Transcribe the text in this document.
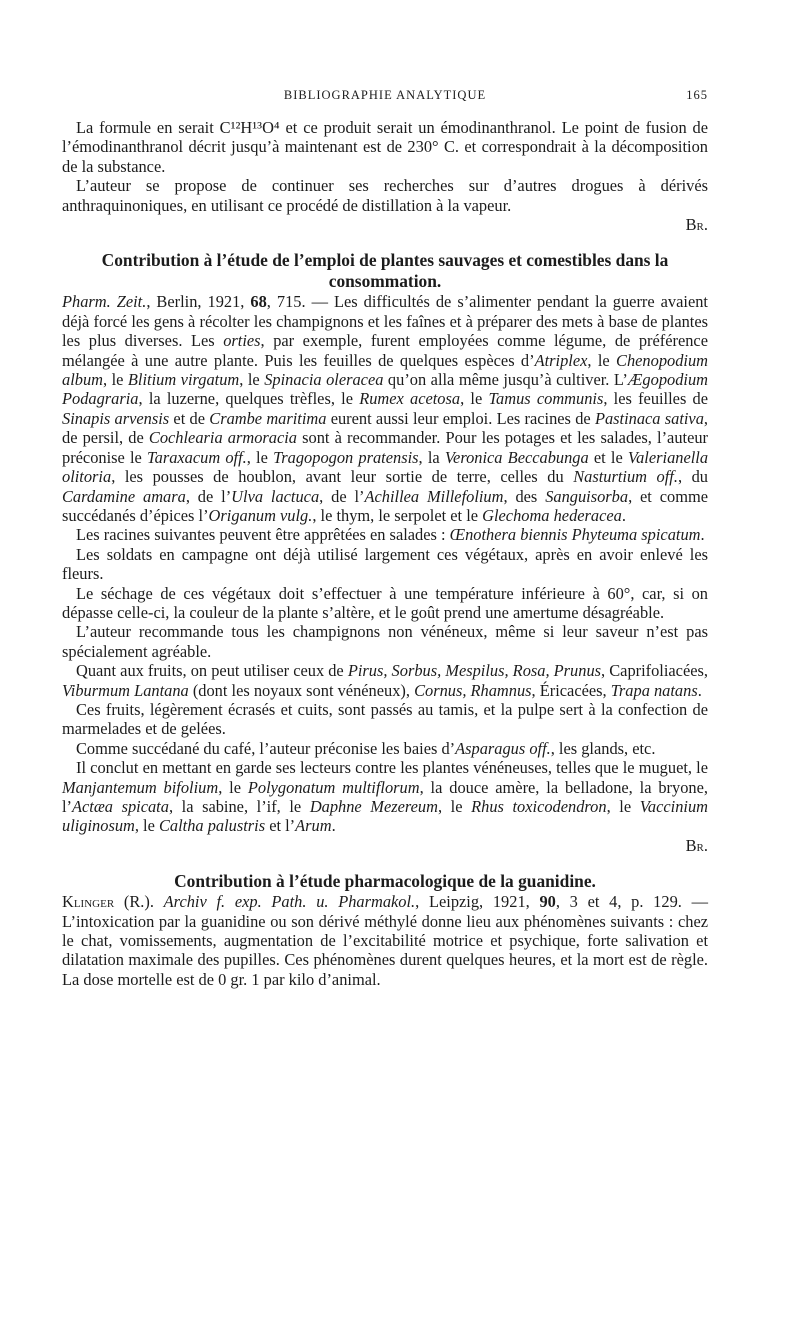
BIBLIOGRAPHIE ANALYTIQUE	165

La formule en serait C¹²H¹³O⁴ et ce produit serait un émodinanthranol. Le point de fusion de l’émodinanthranol décrit jusqu’à maintenant est de 230° C. et correspondrait à la décomposition de la substance.

L’auteur se propose de continuer ses recherches sur d’autres drogues à dérivés anthraquinoniques, en utilisant ce procédé de distillation à la vapeur.

Br.

Contribution à l’étude de l’emploi de plantes sauvages et comestibles dans la consommation.

Pharm. Zeit., Berlin, 1921, 68, 715. — Les difficultés de s’alimenter pendant la guerre avaient déjà forcé les gens à récolter les champignons et les faînes et à préparer des mets à base de plantes les plus diverses. Les orties, par exemple, furent employées comme légume, de préférence mélangée à une autre plante. Puis les feuilles de quelques espèces d’Atriplex, le Chenopodium album, le Blitium virgatum, le Spinacia oleracea qu’on alla même jusqu’à cultiver. L’Ægopodium Podagraria, la luzerne, quelques trèfles, le Rumex acetosa, le Tamus communis, les feuilles de Sinapis arvensis et de Crambe maritima eurent aussi leur emploi. Les racines de Pastinaca sativa, de persil, de Cochlearia armoracia sont à recommander. Pour les potages et les salades, l’auteur préconise le Taraxacum off., le Tragopogon pratensis, la Veronica Beccabunga et le Valerianella olitoria, les pousses de houblon, avant leur sortie de terre, celles du Nasturtium off., du Cardamine amara, de l’Ulva lactuca, de l’Achillea Millefolium, des Sanguisorba, et comme succédanés d’épices l’Origanum vulg., le thym, le serpolet et le Glechoma hederacea.

Les racines suivantes peuvent être apprêtées en salades : Œnothera biennis Phyteuma spicatum.

Les soldats en campagne ont déjà utilisé largement ces végétaux, après en avoir enlevé les fleurs.

Le séchage de ces végétaux doit s’effectuer à une température inférieure à 60°, car, si on dépasse celle-ci, la couleur de la plante s’altère, et le goût prend une amertume désagréable.

L’auteur recommande tous les champignons non vénéneux, même si leur saveur n’est pas spécialement agréable.

Quant aux fruits, on peut utiliser ceux de Pirus, Sorbus, Mespilus, Rosa, Prunus, Caprifoliacées, Viburmum Lantana (dont les noyaux sont vénéneux), Cornus, Rhamnus, Éricacées, Trapa natans.

Ces fruits, légèrement écrasés et cuits, sont passés au tamis, et la pulpe sert à la confection de marmelades et de gelées.

Comme succédané du café, l’auteur préconise les baies d’Asparagus off., les glands, etc.

Il conclut en mettant en garde ses lecteurs contre les plantes vénéneuses, telles que le muguet, le Manjantemum bifolium, le Polygonatum multiflorum, la douce amère, la belladone, la bryone, l’Actæa spicata, la sabine, l’if, le Daphne Mezereum, le Rhus toxicodendron, le Vaccinium uliginosum, le Caltha palustris et l’Arum.

Br.

Contribution à l’étude pharmacologique de la guanidine.

Klinger (R.). Archiv f. exp. Path. u. Pharmakol., Leipzig, 1921, 90, 3 et 4, p. 129. — L’intoxication par la guanidine ou son dérivé méthylé donne lieu aux phénomènes suivants : chez le chat, vomissements, augmentation de l’excitabilité motrice et psychique, forte salivation et dilatation maximale des pupilles. Ces phénomènes durent quelques heures, et la mort est de règle. La dose mortelle est de 0 gr. 1 par kilo d’animal.
